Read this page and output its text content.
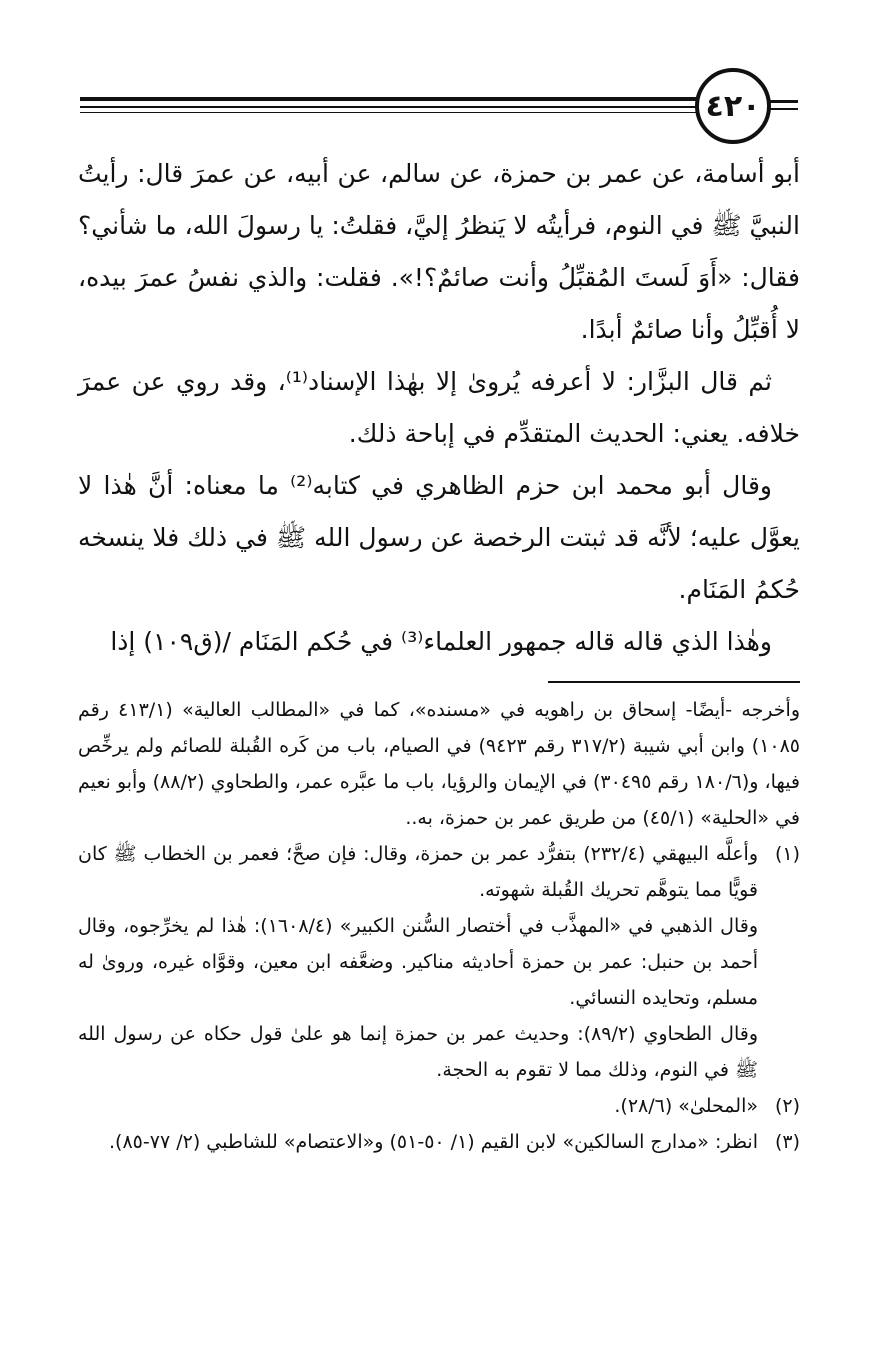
٤٢٠

أبو أسامة، عن عمر بن حمزة، عن سالم، عن أبيه، عن عمرَ قال: رأيتُ النبيَّ ﷺ في النوم، فرأيتُه لا يَنظرُ إليَّ، فقلتُ: يا رسولَ الله، ما شأني؟ فقال: «أَوَ لَستَ المُقبِّلُ وأنت صائمٌ؟!». فقلت: والذي نفسُ عمرَ بيده، لا أُقبِّلُ وأنا صائمٌ أبدًا.

ثم قال البزَّار: لا أعرفه يُروىٰ إلا بهٰذا الإسناد⁽¹⁾، وقد روي عن عمرَ خلافه. يعني: الحديث المتقدِّم في إباحة ذلك.

وقال أبو محمد ابن حزم الظاهري في كتابه⁽²⁾ ما معناه: أنَّ هٰذا لا يعوَّل عليه؛ لأنَّه قد ثبتت الرخصة عن رسول الله ﷺ في ذلك فلا ينسخه حُكمُ المَنَام.

وهٰذا الذي قاله قاله جمهور العلماء⁽³⁾ في حُكم المَنَام /(ق١٠٩) إذا

وأخرجه -أيضًا- إسحاق بن راهويه في «مسنده»، كما في «المطالب العالية» (٤١٣/١ رقم ١٠٨٥) وابن أبي شيبة (٣١٧/٢ رقم ٩٤٢٣) في الصيام، باب من كَره القُبلة للصائم ولم يرخِّص فيها، و(١٨٠/٦ رقم ٣٠٤٩٥) في الإيمان والرؤيا، باب ما عبَّره عمر، والطحاوي (٨٨/٢) وأبو نعيم في «الحلية» (٤٥/١) من طريق عمر بن حمزة، به..

(١)
وأعلَّه البيهقي (٢٣٢/٤) بتفرُّد عمر بن حمزة، وقال: فإن صحَّ؛ فعمر بن الخطاب ﷺ كان قويًّا مما يتوهَّم تحريك القُبلة شهوته.

وقال الذهبي في «المهذَّب في أختصار السُّنن الكبير» (١٦٠٨/٤): هٰذا لم يخرِّجوه، وقال أحمد بن حنبل: عمر بن حمزة أحاديثه مناكير. وضعَّفه ابن معين، وقوَّاه غيره، وروىٰ له مسلم، وتحايده النسائي.

وقال الطحاوي (٨٩/٢): وحديث عمر بن حمزة إنما هو علىٰ قول حكاه عن رسول الله ﷺ في النوم، وذلك مما لا تقوم به الحجة.

(٢)
«المحلىٰ» (٢٨/٦).
(٣)
انظر: «مدارج السالكين» لابن القيم (١/ ٥٠-٥١) و«الاعتصام» للشاطبي (٢/ ٧٧-٨٥).
